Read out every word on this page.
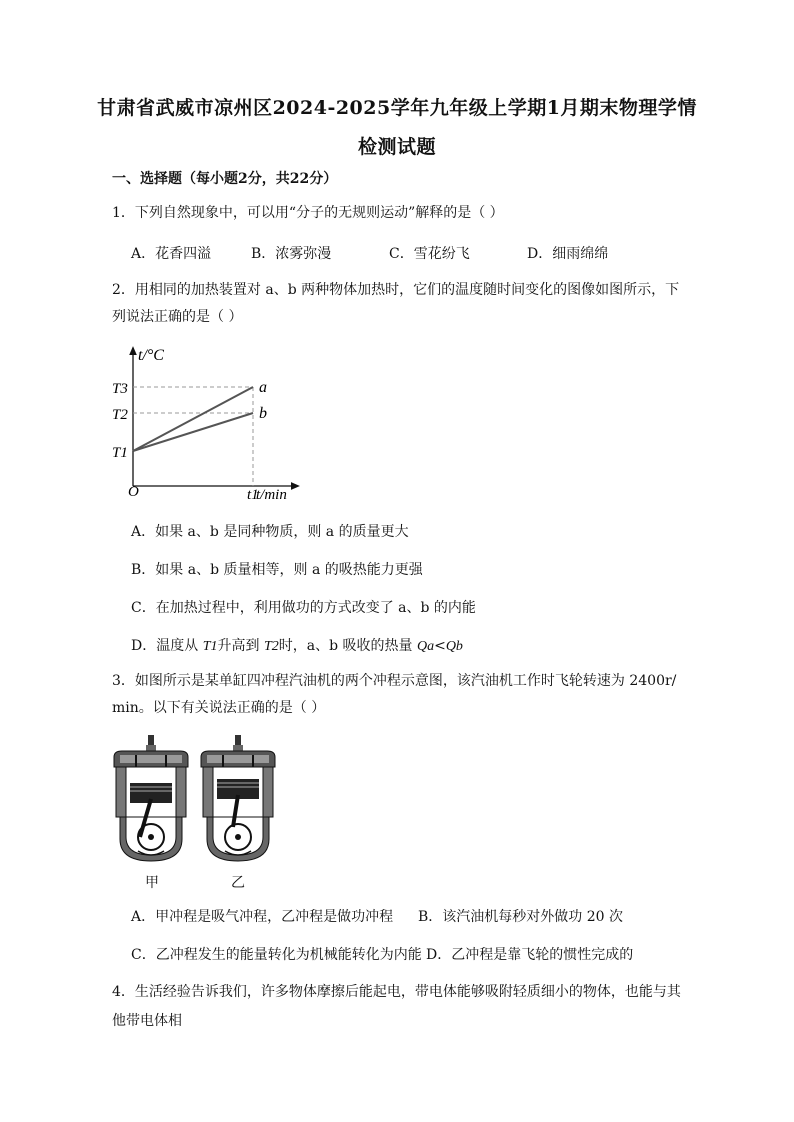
甘肃省武威市凉州区2024-2025学年九年级上学期1月期末物理学情
检测试题
一、选择题（每小题2分，共22分）
1．下列自然现象中，可以用“分子的无规则运动”解释的是（ ）
A．花香四溢	B．浓雾弥漫	C．雪花纷飞	D．细雨绵绵
2．用相同的加热装置对 a、b 两种物体加热时，它们的温度随时间变化的图像如图所示，下
列说法正确的是（ ）
t/°C
t/min
O
T3
T2
T1
t1
a
b
A．如果 a、b 是同种物质，则 a 的质量更大
B．如果 a、b 质量相等，则 a 的吸热能力更强
C．在加热过程中，利用做功的方式改变了 a、b 的内能
D．温度从 T1升高到 T2时，a、b 吸收的热量 Qa<Qb
3．如图所示是某单缸四冲程汽油机的两个冲程示意图，该汽油机工作时飞轮转速为 2400r/
min。以下有关说法正确的是（ ）
甲	乙
A．甲冲程是吸气冲程，乙冲程是做功冲程 B．该汽油机每秒对外做功 20 次
C．乙冲程发生的能量转化为机械能转化为内能 D．乙冲程是靠飞轮的惯性完成的
4．生活经验告诉我们，许多物体摩擦后能起电，带电体能够吸附轻质细小的物体，也能与其
他带电体相
